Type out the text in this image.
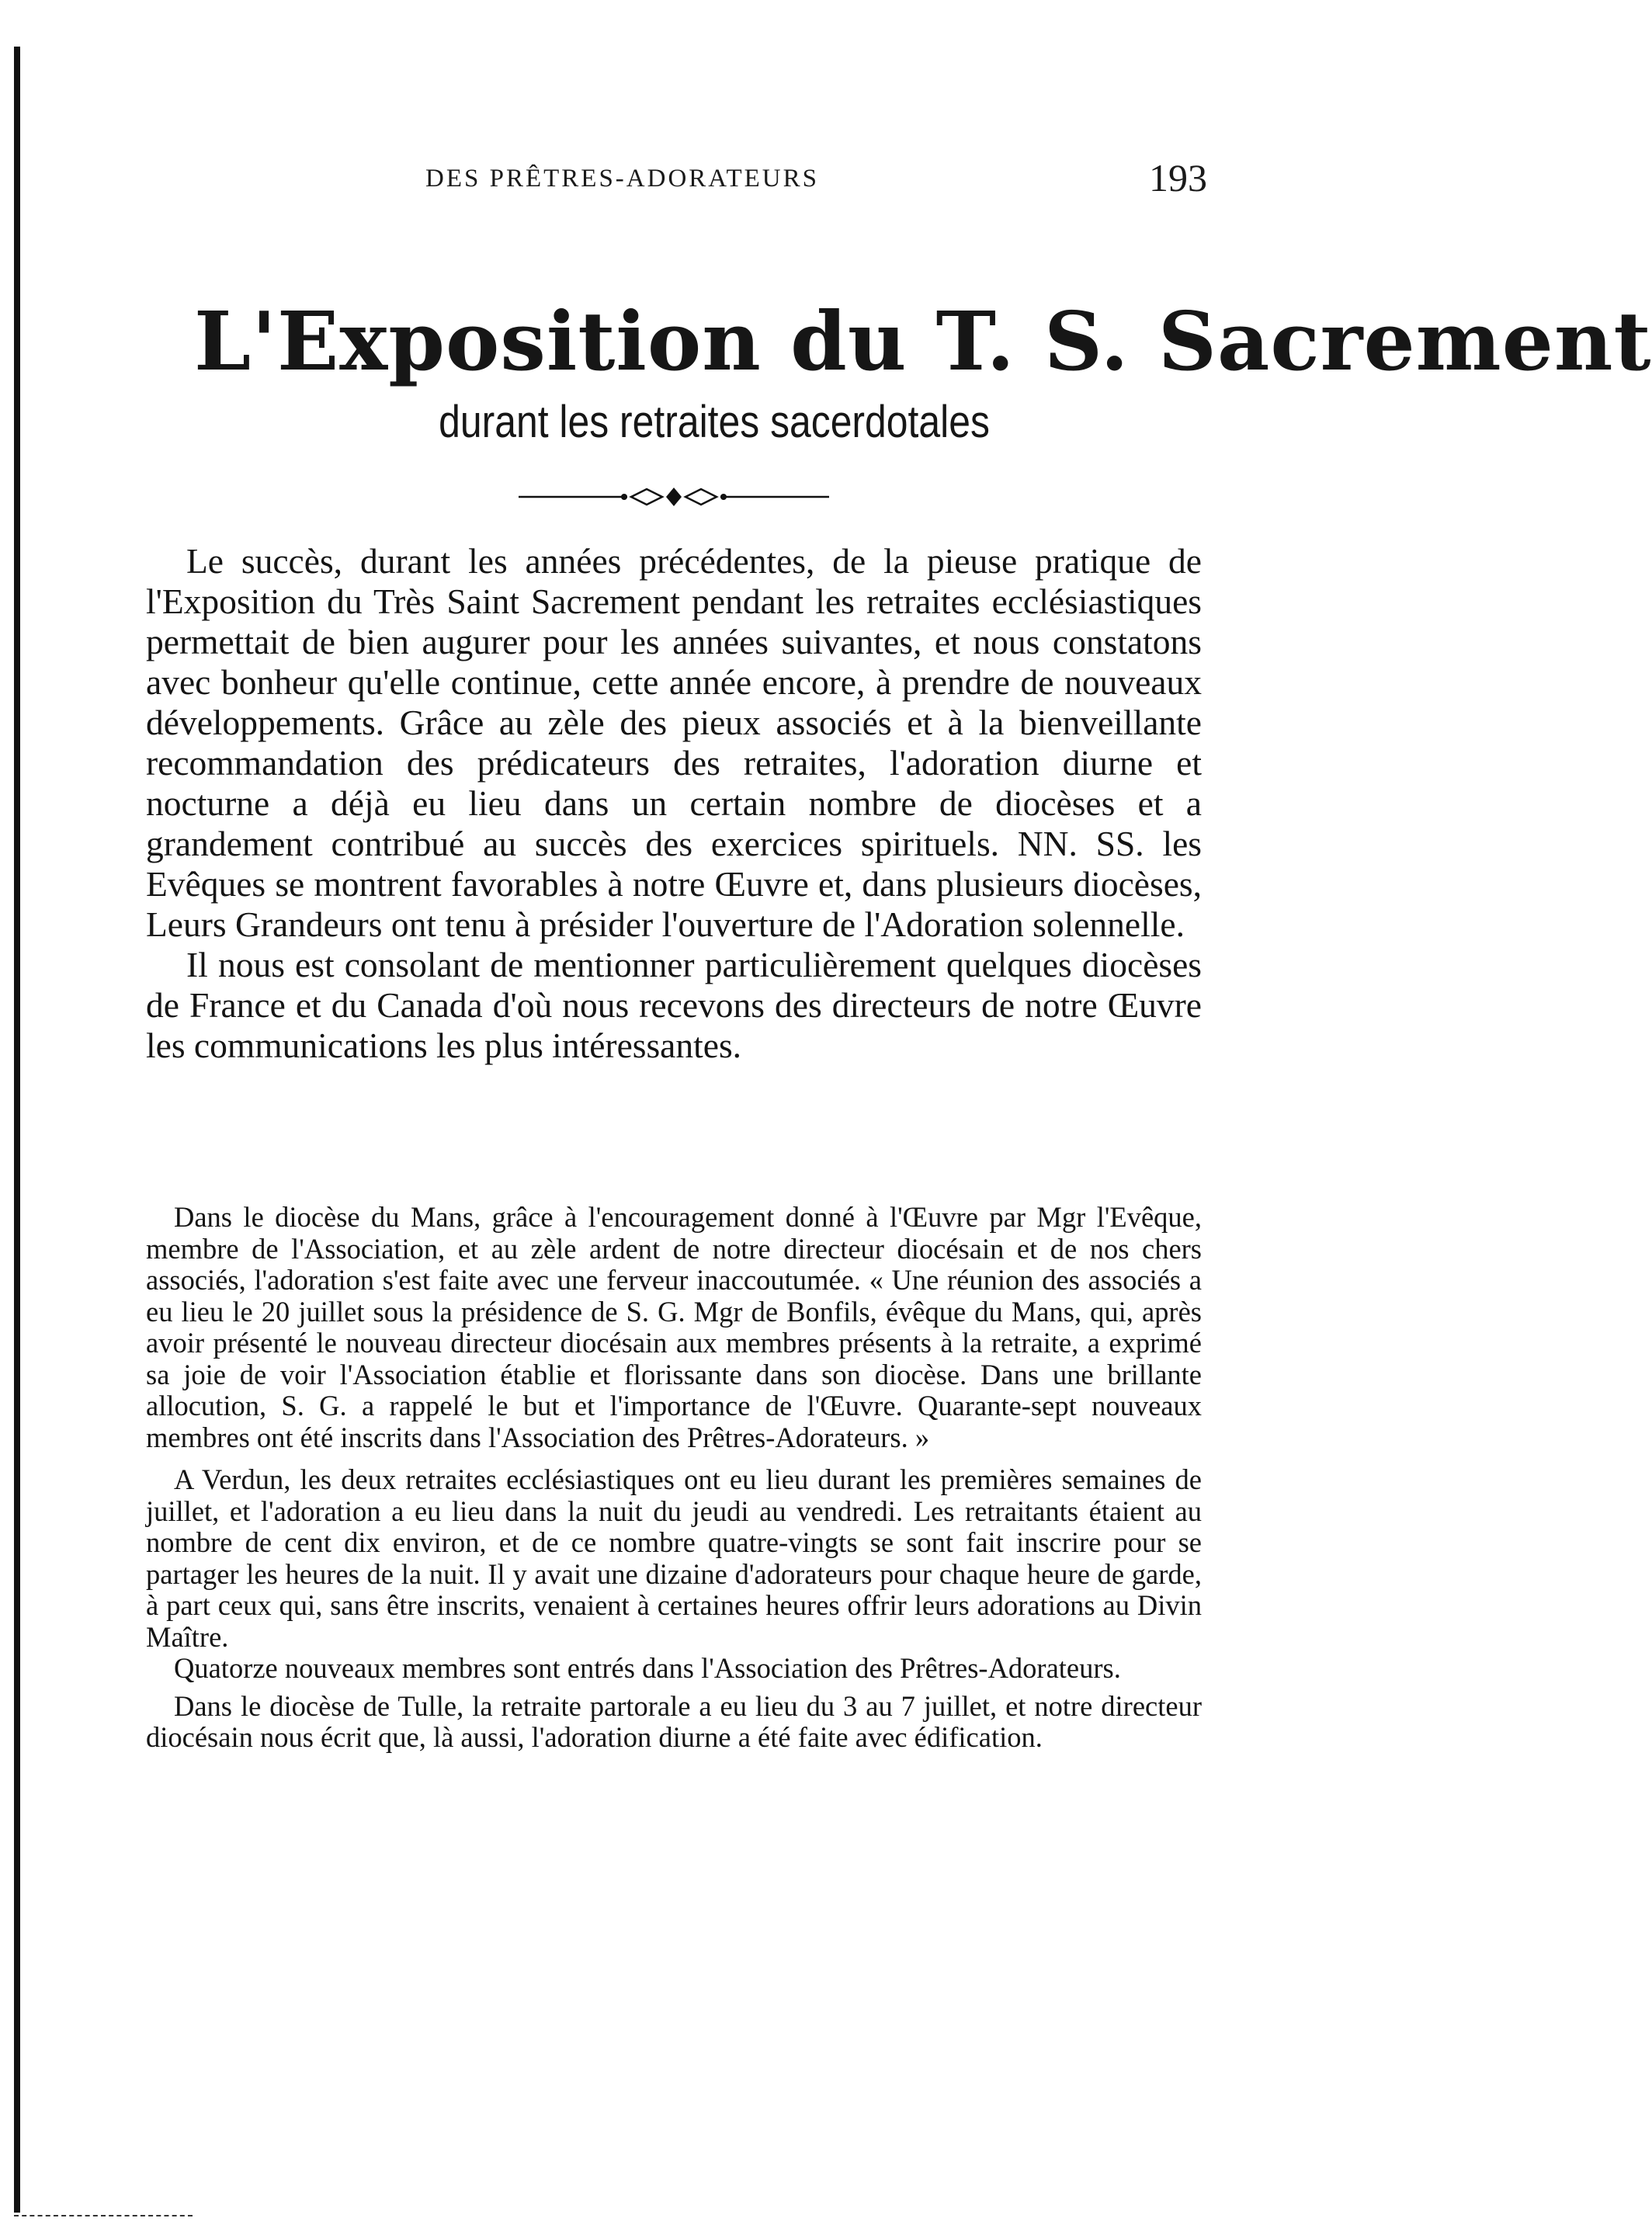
DES PRÊTRES-ADORATEURS	193
L'Exposition du T. S. Sacrement
durant les retraites sacerdotales

Le succès, durant les années précédentes, de la pieuse pratique de l'Exposition du Très Saint Sacrement pendant les retraites ecclésiastiques permettait de bien augurer pour les années suivantes, et nous constatons avec bonheur qu'elle continue, cette année encore, à prendre de nouveaux développements. Grâce au zèle des pieux associés et à la bienveillante recommandation des prédicateurs des retraites, l'adoration diurne et nocturne a déjà eu lieu dans un certain nombre de diocèses et a grandement contribué au succès des exercices spirituels. NN. SS. les Evêques se montrent favorables à notre Œuvre et, dans plusieurs diocèses, Leurs Grandeurs ont tenu à présider l'ouverture de l'Adoration solennelle.

Il nous est consolant de mentionner particulièrement quelques diocèses de France et du Canada d'où nous recevons des directeurs de notre Œuvre les communications les plus intéressantes.

Dans le diocèse du Mans, grâce à l'encouragement donné à l'Œuvre par Mgr l'Evêque, membre de l'Association, et au zèle ardent de notre directeur diocésain et de nos chers associés, l'adoration s'est faite avec une ferveur inaccoutumée. « Une réunion des associés a eu lieu le 20 juillet sous la présidence de S. G. Mgr de Bonfils, évêque du Mans, qui, après avoir présenté le nouveau directeur diocésain aux membres présents à la retraite, a exprimé sa joie de voir l'Association établie et florissante dans son diocèse. Dans une brillante allocution, S. G. a rappelé le but et l'importance de l'Œuvre. Quarante-sept nouveaux membres ont été inscrits dans l'Association des Prêtres-Adorateurs. »

A Verdun, les deux retraites ecclésiastiques ont eu lieu durant les premières semaines de juillet, et l'adoration a eu lieu dans la nuit du jeudi au vendredi. Les retraitants étaient au nombre de cent dix environ, et de ce nombre quatre-vingts se sont fait inscrire pour se partager les heures de la nuit. Il y avait une dizaine d'adorateurs pour chaque heure de garde, à part ceux qui, sans être inscrits, venaient à certaines heures offrir leurs adorations au Divin Maître.

Quatorze nouveaux membres sont entrés dans l'Association des Prêtres-Adorateurs.

Dans le diocèse de Tulle, la retraite partorale a eu lieu du 3 au 7 juillet, et notre directeur diocésain nous écrit que, là aussi, l'adoration diurne a été faite avec édification.
